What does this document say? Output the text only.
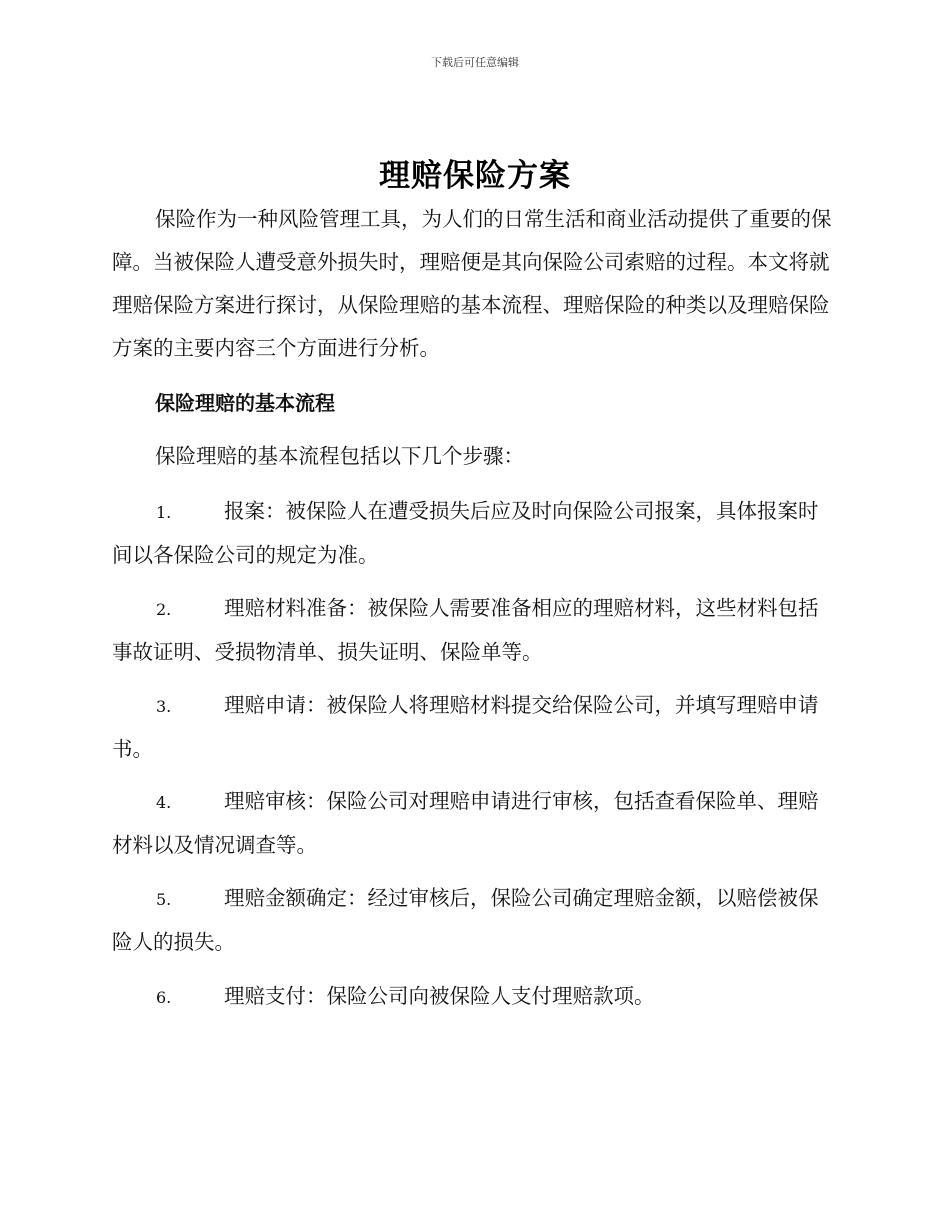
下载后可任意编辑
理赔保险方案
保险作为一种风险管理工具，为人们的日常生活和商业活动提供了重要的保障。当被保险人遭受意外损失时，理赔便是其向保险公司索赔的过程。本文将就理赔保险方案进行探讨，从保险理赔的基本流程、理赔保险的种类以及理赔保险方案的主要内容三个方面进行分析。
保险理赔的基本流程
保险理赔的基本流程包括以下几个步骤：
1.	报案：被保险人在遭受损失后应及时向保险公司报案，具体报案时间以各保险公司的规定为准。
2.	理赔材料准备：被保险人需要准备相应的理赔材料，这些材料包括事故证明、受损物清单、损失证明、保险单等。
3.	理赔申请：被保险人将理赔材料提交给保险公司，并填写理赔申请书。
4.	理赔审核：保险公司对理赔申请进行审核，包括查看保险单、理赔材料以及情况调查等。
5.	理赔金额确定：经过审核后，保险公司确定理赔金额，以赔偿被保险人的损失。
6.	理赔支付：保险公司向被保险人支付理赔款项。
